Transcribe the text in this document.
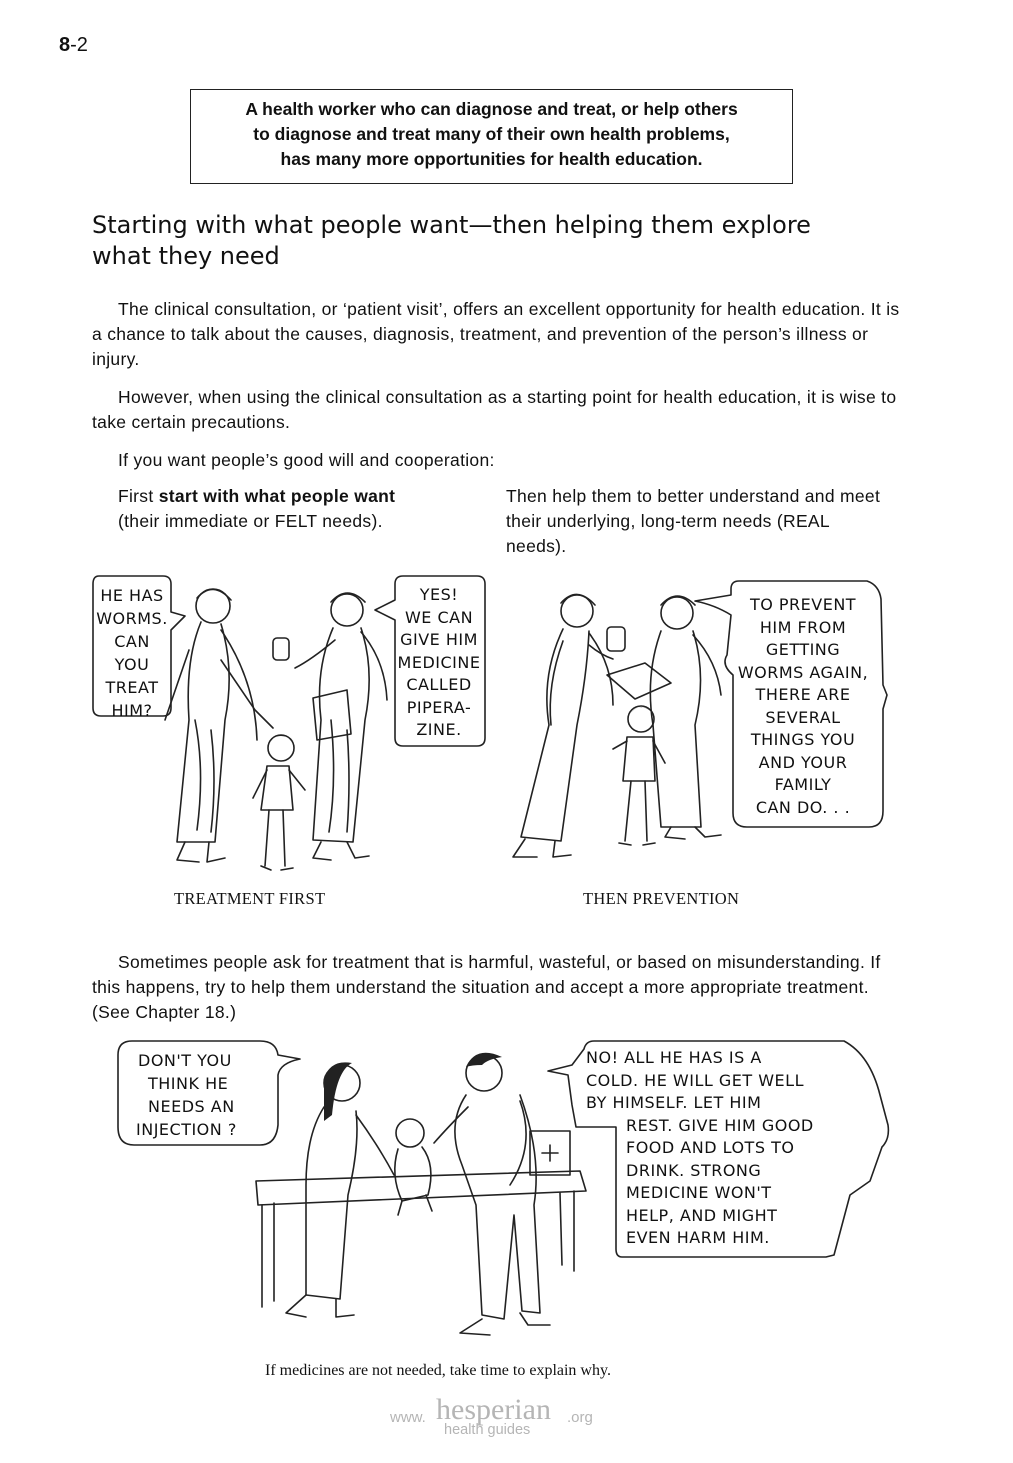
8-2
A health worker who can diagnose and treat, or help others
to diagnose and treat many of their own health problems,
has many more opportunities for health education.
Starting with what people want—then helping them explore
what they need

The clinical consultation, or ‘patient visit’, offers an excellent opportunity for health education. It is a chance to talk about the causes, diagnosis, treatment, and prevention of the person’s illness or injury.

However, when using the clinical consultation as a starting point for health education, it is wise to take certain precautions.

If you want people’s good will and cooperation:

First start with what people want
(their immediate or FELT needs).

Then help them to better understand and meet their underlying, long-term needs (REAL needs).

HE HAS
WORMS.
CAN
YOU
TREAT
HIM?
YES!
WE CAN
GIVE HIM
MEDICINE
CALLED
PIPERA-
ZINE.
TREATMENT FIRST
TO PREVENT
HIM FROM
GETTING
WORMS AGAIN,
THERE ARE
SEVERAL
THINGS YOU
AND YOUR
FAMILY
CAN DO. . .
THEN PREVENTION

Sometimes people ask for treatment that is harmful, wasteful, or based on misunderstanding. If this happens, try to help them understand the situation and accept a more appropriate treatment. (See Chapter 18.)

DON'T YOU
THINK HE
NEEDS AN
INJECTION ?
NO! ALL HE HAS IS A
COLD. HE WILL GET WELL
BY HIMSELF. LET HIM
REST. GIVE HIM GOOD
FOOD AND LOTS TO
DRINK. STRONG
MEDICINE WON'T
HELP, AND MIGHT
EVEN HARM HIM.
If medicines are not needed, take time to explain why.
www. hesperian .org
health guides
